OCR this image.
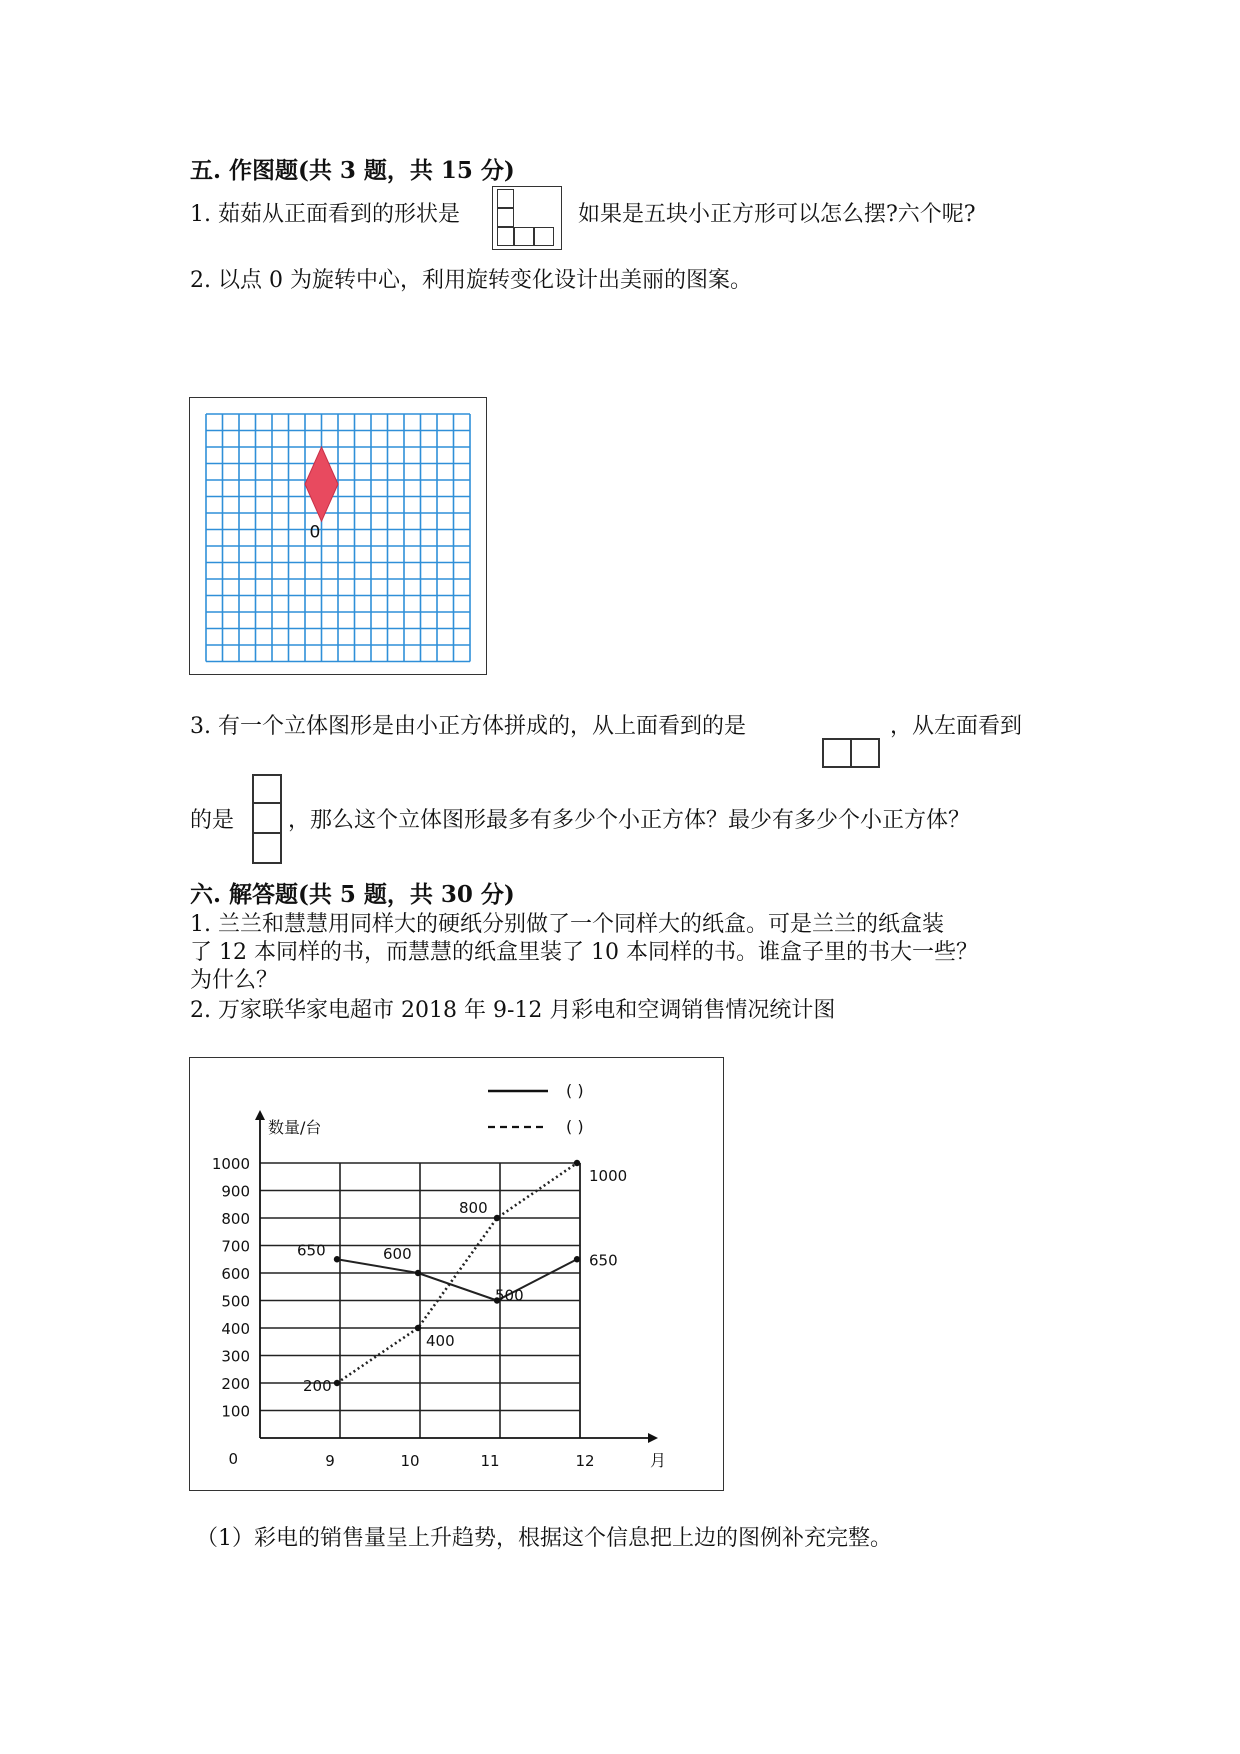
五. 作图题(共 3 题，共 15 分)
1. 茹茹从正面看到的形状是	如果是五块小正方形可以怎么摆?六个呢?
2. 以点 0 为旋转中心，利用旋转变化设计出美丽的图案。
0
3. 有一个立体图形是由小正方体拼成的，从上面看到的是	，从左面看到
的是 ，那么这个立体图形最多有多少个小正方体？最少有多少个小正方体？
六. 解答题(共 5 题，共 30 分)
1. 兰兰和慧慧用同样大的硬纸分别做了一个同样大的纸盒。可是兰兰的纸盒装
了 12 本同样的书，而慧慧的纸盒里装了 10 本同样的书。谁盒子里的书大一些？
为什么？
2. 万家联华家电超市 2018 年 9-12 月彩电和空调销售情况统计图
0
100
200
300
400
500
600
700
800
900
1000
9	10	11	12	月
数量/台
( )
( )
650	600
500
650
200
400
800
1000
（1）彩电的销售量呈上升趋势，根据这个信息把上边的图例补充完整。
